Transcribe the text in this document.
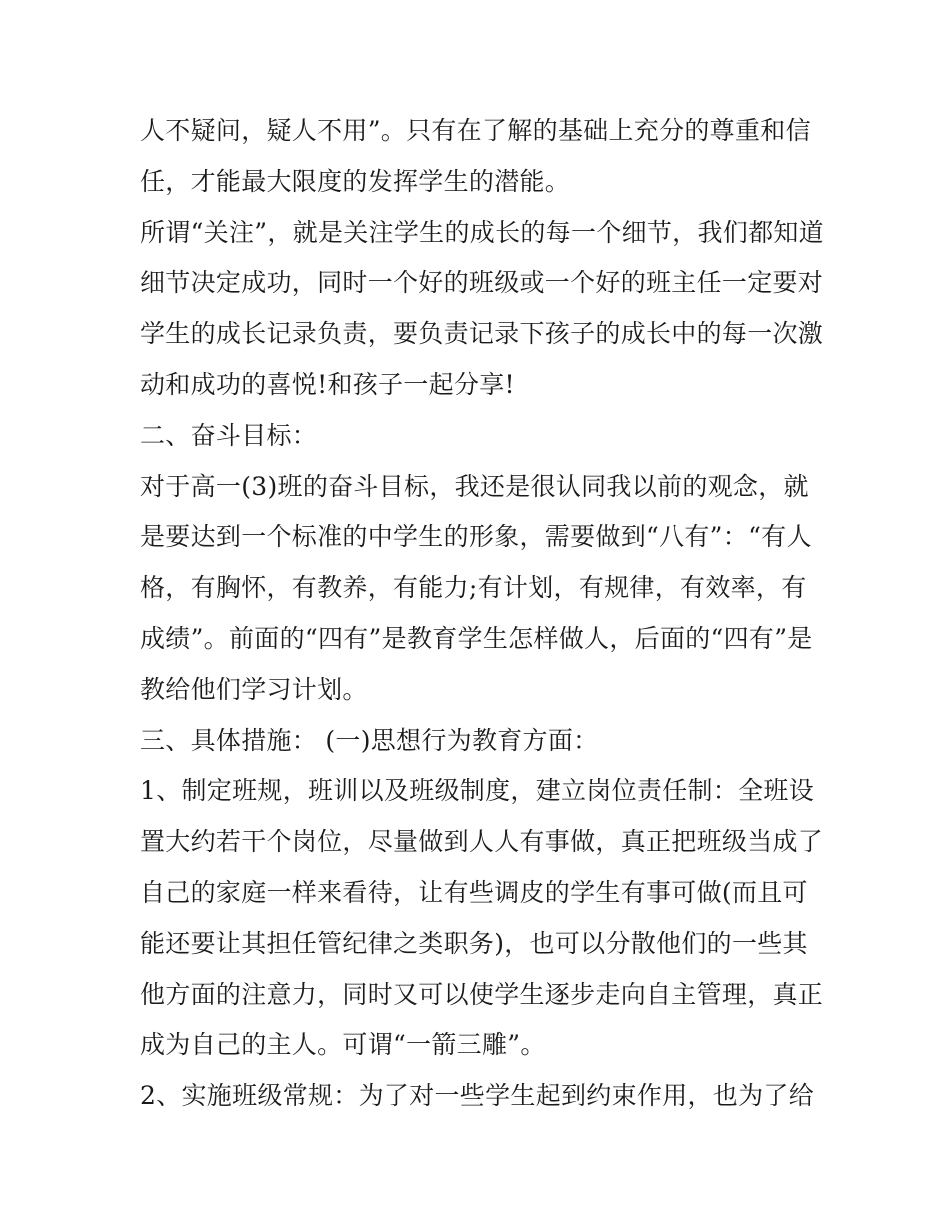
人不疑问，疑人不用”。只有在了解的基础上充分的尊重和信
任，才能最大限度的发挥学生的潜能。
所谓“关注”，就是关注学生的成长的每一个细节，我们都知道
细节决定成功，同时一个好的班级或一个好的班主任一定要对
学生的成长记录负责，要负责记录下孩子的成长中的每一次激
动和成功的喜悦!和孩子一起分享!
二、奋斗目标：
对于高一(3)班的奋斗目标，我还是很认同我以前的观念，就
是要达到一个标准的中学生的形象，需要做到“八有”：“有人
格，有胸怀，有教养，有能力;有计划，有规律，有效率，有
成绩”。前面的“四有”是教育学生怎样做人，后面的“四有”是
教给他们学习计划。
三、具体措施： (一)思想行为教育方面：
1、制定班规，班训以及班级制度，建立岗位责任制：全班设
置大约若干个岗位，尽量做到人人有事做，真正把班级当成了
自己的家庭一样来看待，让有些调皮的学生有事可做(而且可
能还要让其担任管纪律之类职务)，也可以分散他们的一些其
他方面的注意力，同时又可以使学生逐步走向自主管理，真正
成为自己的主人。可谓“一箭三雕”。
2、实施班级常规：为了对一些学生起到约束作用，也为了给
